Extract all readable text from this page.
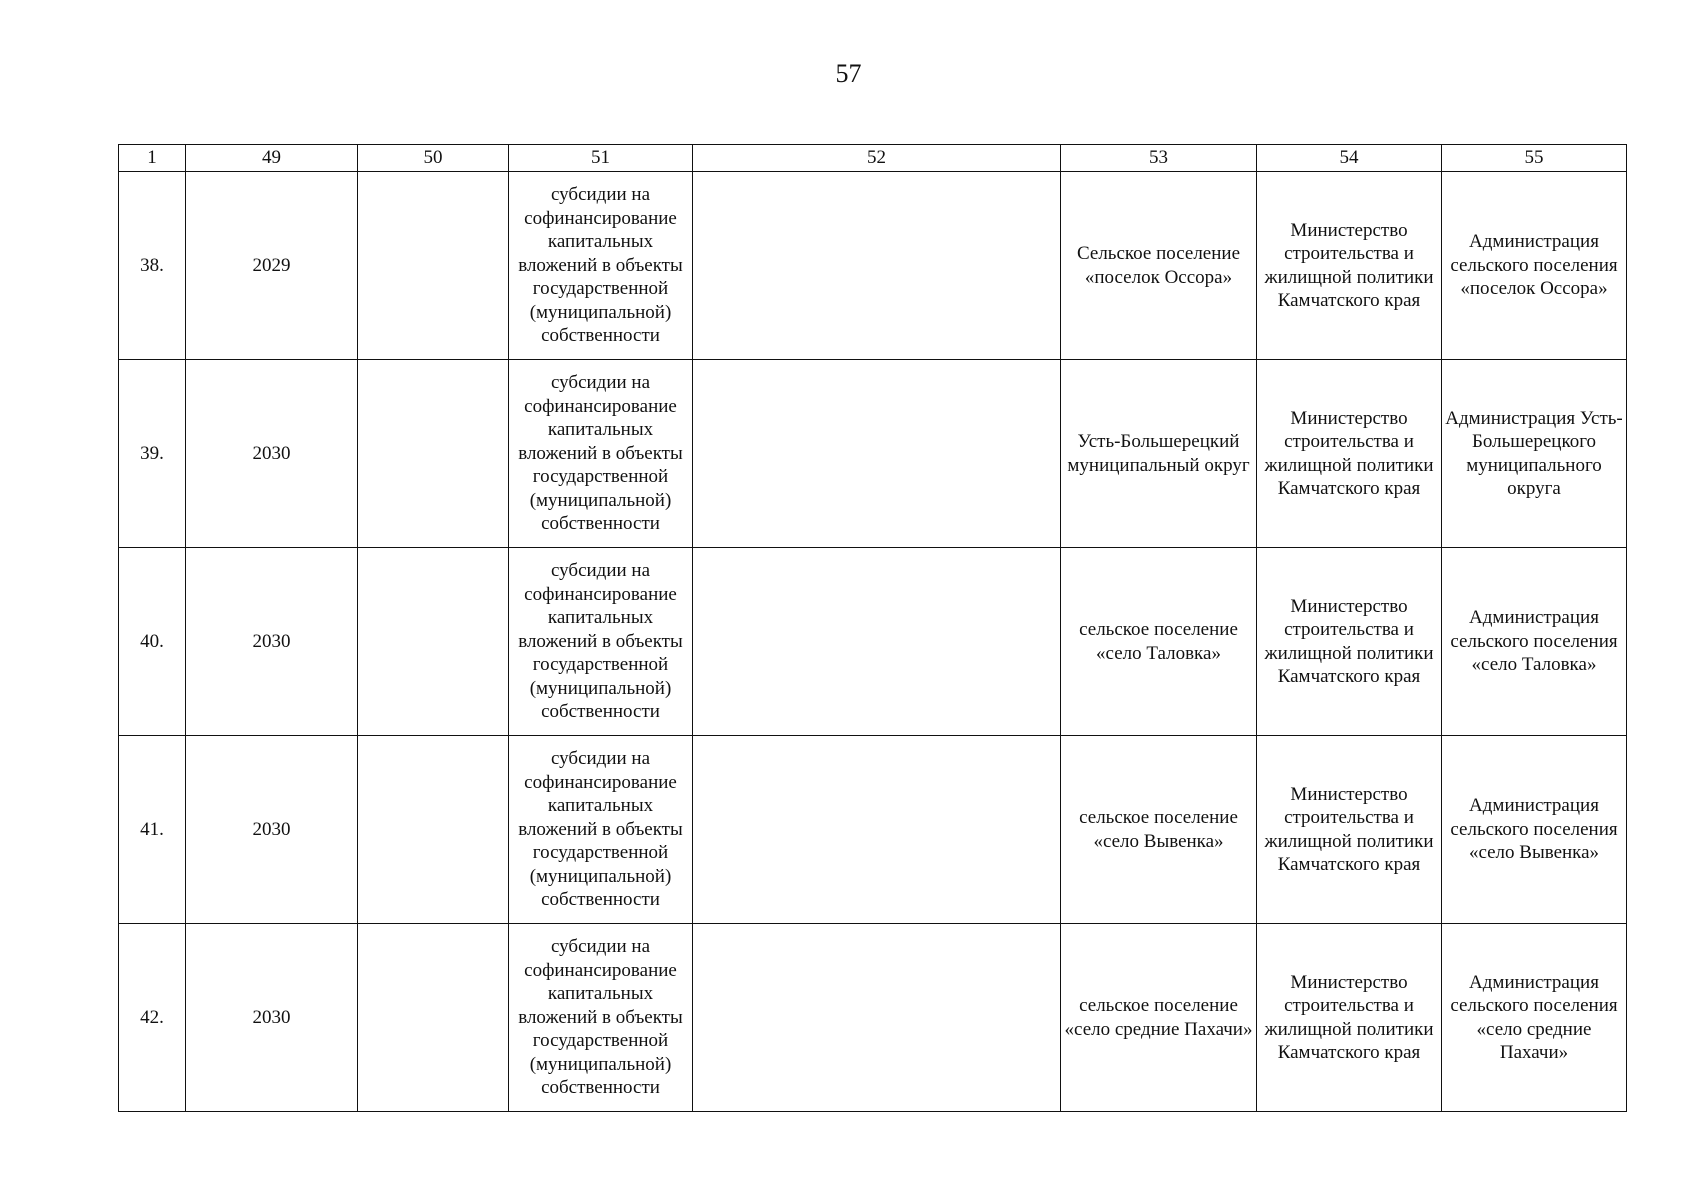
57
1	49	50	51	52	53	54	55
38.	2029		субсидии на софинансирование капитальных вложений в объекты государственной (муниципальной) собственности		Сельское поселение «поселок Оссора»	Министерство строительства и жилищной политики Камчатского края	Администрация сельского поселения «поселок Оссора»
39.	2030		субсидии на софинансирование капитальных вложений в объекты государственной (муниципальной) собственности		Усть-Большерецкий муниципальный округ	Министерство строительства и жилищной политики Камчатского края	Администрация Усть-Большерецкого муниципального округа
40.	2030		субсидии на софинансирование капитальных вложений в объекты государственной (муниципальной) собственности		сельское поселение «село Таловка»	Министерство строительства и жилищной политики Камчатского края	Администрация сельского поселения «село Таловка»
41.	2030		субсидии на софинансирование капитальных вложений в объекты государственной (муниципальной) собственности		сельское поселение «село Вывенка»	Министерство строительства и жилищной политики Камчатского края	Администрация сельского поселения «село Вывенка»
42.	2030		субсидии на софинансирование капитальных вложений в объекты государственной (муниципальной) собственности		сельское поселение «село средние Пахачи»	Министерство строительства и жилищной политики Камчатского края	Администрация сельского поселения «село средние Пахачи»
